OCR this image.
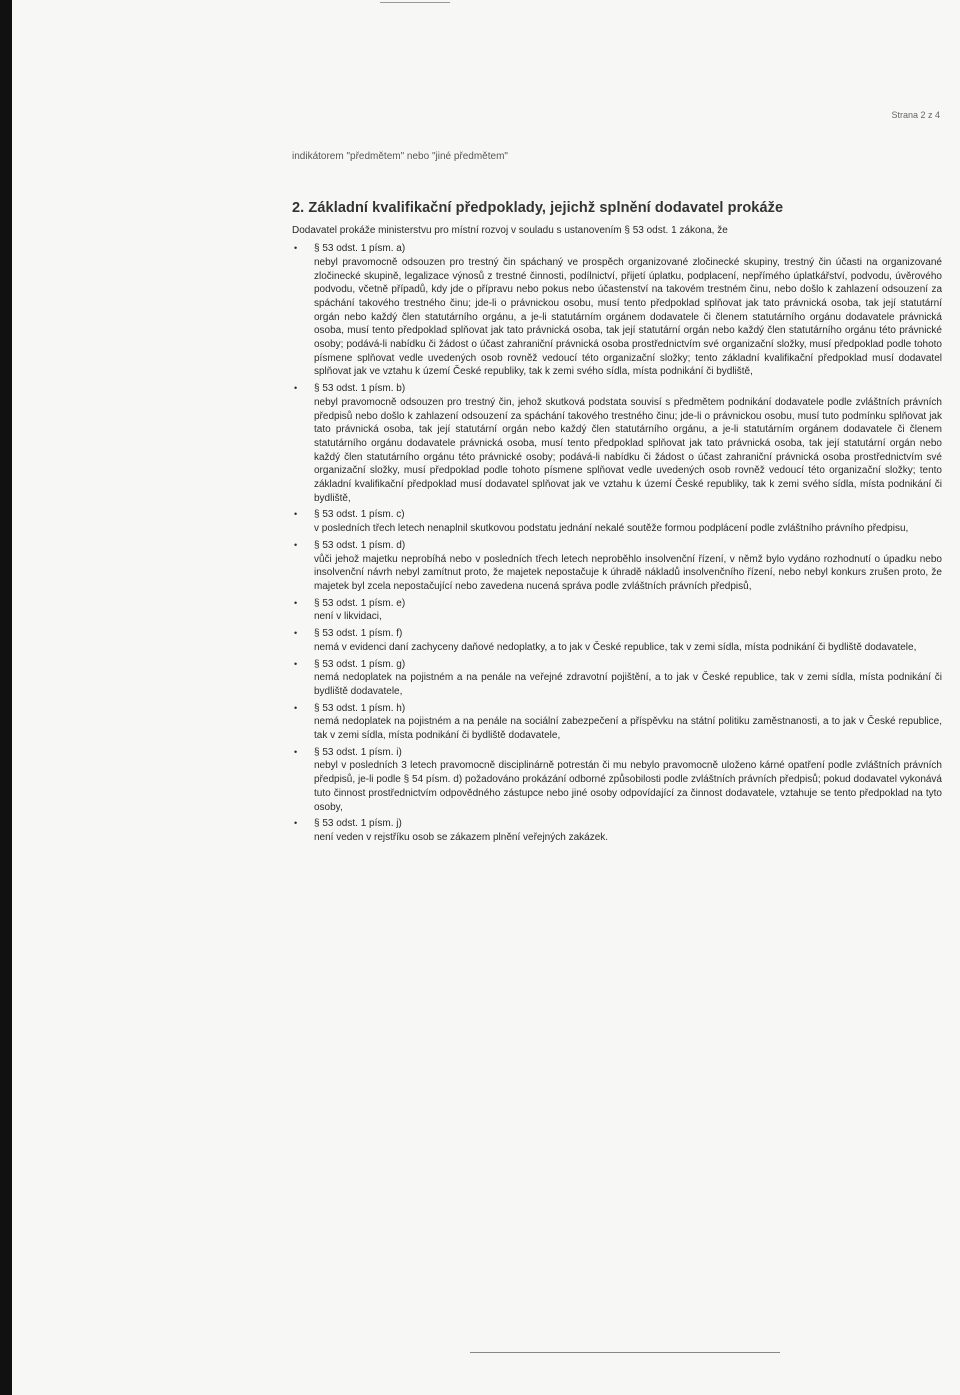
Strana 2 z 4

indikátorem "předmětem" nebo "jiné předmětem"

2. Základní kvalifikační předpoklady, jejichž splnění dodavatel prokáže

Dodavatel prokáže ministerstvu pro místní rozvoj v souladu s ustanovením § 53 odst. 1 zákona, že

• § 53 odst. 1 písm. a)
nebyl pravomocně odsouzen pro trestný čin spáchaný ve prospěch organizované zločinecké skupiny, trestný čin účasti na organizované zločinecké skupině, legalizace výnosů z trestné činnosti, podílnictví, přijetí úplatku, podplacení, nepřímého úplatkářství, podvodu, úvěrového podvodu, včetně případů, kdy jde o přípravu nebo pokus nebo účastenství na takovém trestném činu, nebo došlo k zahlazení odsouzení za spáchání takového trestného činu; jde-li o právnickou osobu, musí tento předpoklad splňovat jak tato právnická osoba, tak její statutární orgán nebo každý člen statutárního orgánu, a je-li statutárním orgánem dodavatele či členem statutárního orgánu dodavatele právnická osoba, musí tento předpoklad splňovat jak tato právnická osoba, tak její statutární orgán nebo každý člen statutárního orgánu této právnické osoby; podává-li nabídku či žádost o účast zahraniční právnická osoba prostřednictvím své organizační složky, musí předpoklad podle tohoto písmene splňovat vedle uvedených osob rovněž vedoucí této organizační složky; tento základní kvalifikační předpoklad musí dodavatel splňovat jak ve vztahu k území České republiky, tak k zemi svého sídla, místa podnikání či bydliště,
• § 53 odst. 1 písm. b)
nebyl pravomocně odsouzen pro trestný čin, jehož skutková podstata souvisí s předmětem podnikání dodavatele podle zvláštních právních předpisů nebo došlo k zahlazení odsouzení za spáchání takového trestného činu; jde-li o právnickou osobu, musí tuto podmínku splňovat jak tato právnická osoba, tak její statutární orgán nebo každý člen statutárního orgánu, a je-li statutárním orgánem dodavatele či členem statutárního orgánu dodavatele právnická osoba, musí tento předpoklad splňovat jak tato právnická osoba, tak její statutární orgán nebo každý člen statutárního orgánu této právnické osoby; podává-li nabídku či žádost o účast zahraniční právnická osoba prostřednictvím své organizační složky, musí předpoklad podle tohoto písmene splňovat vedle uvedených osob rovněž vedoucí této organizační složky; tento základní kvalifikační předpoklad musí dodavatel splňovat jak ve vztahu k území České republiky, tak k zemi svého sídla, místa podnikání či bydliště,
• § 53 odst. 1 písm. c)
v posledních třech letech nenaplnil skutkovou podstatu jednání nekalé soutěže formou podplácení podle zvláštního právního předpisu,
• § 53 odst. 1 písm. d)
vůči jehož majetku neprobíhá nebo v posledních třech letech neproběhlo insolvenční řízení, v němž bylo vydáno rozhodnutí o úpadku nebo insolvenční návrh nebyl zamítnut proto, že majetek nepostačuje k úhradě nákladů insolvenčního řízení, nebo nebyl konkurs zrušen proto, že majetek byl zcela nepostačující nebo zavedena nucená správa podle zvláštních právních předpisů,
• § 53 odst. 1 písm. e)
není v likvidaci,
• § 53 odst. 1 písm. f)
nemá v evidenci daní zachyceny daňové nedoplatky, a to jak v České republice, tak v zemi sídla, místa podnikání či bydliště dodavatele,
• § 53 odst. 1 písm. g)
nemá nedoplatek na pojistném a na penále na veřejné zdravotní pojištění, a to jak v České republice, tak v zemi sídla, místa podnikání či bydliště dodavatele,
• § 53 odst. 1 písm. h)
nemá nedoplatek na pojistném a na penále na sociální zabezpečení a příspěvku na státní politiku zaměstnanosti, a to jak v České republice, tak v zemi sídla, místa podnikání či bydliště dodavatele,
• § 53 odst. 1 písm. i)
nebyl v posledních 3 letech pravomocně disciplinárně potrestán či mu nebylo pravomocně uloženo kárné opatření podle zvláštních právních předpisů, je-li podle § 54 písm. d) požadováno prokázání odborné způsobilosti podle zvláštních právních předpisů; pokud dodavatel vykonává tuto činnost prostřednictvím odpovědného zástupce nebo jiné osoby odpovídající za činnost dodavatele, vztahuje se tento předpoklad na tyto osoby,
• § 53 odst. 1 písm. j)
není veden v rejstříku osob se zákazem plnění veřejných zakázek.
